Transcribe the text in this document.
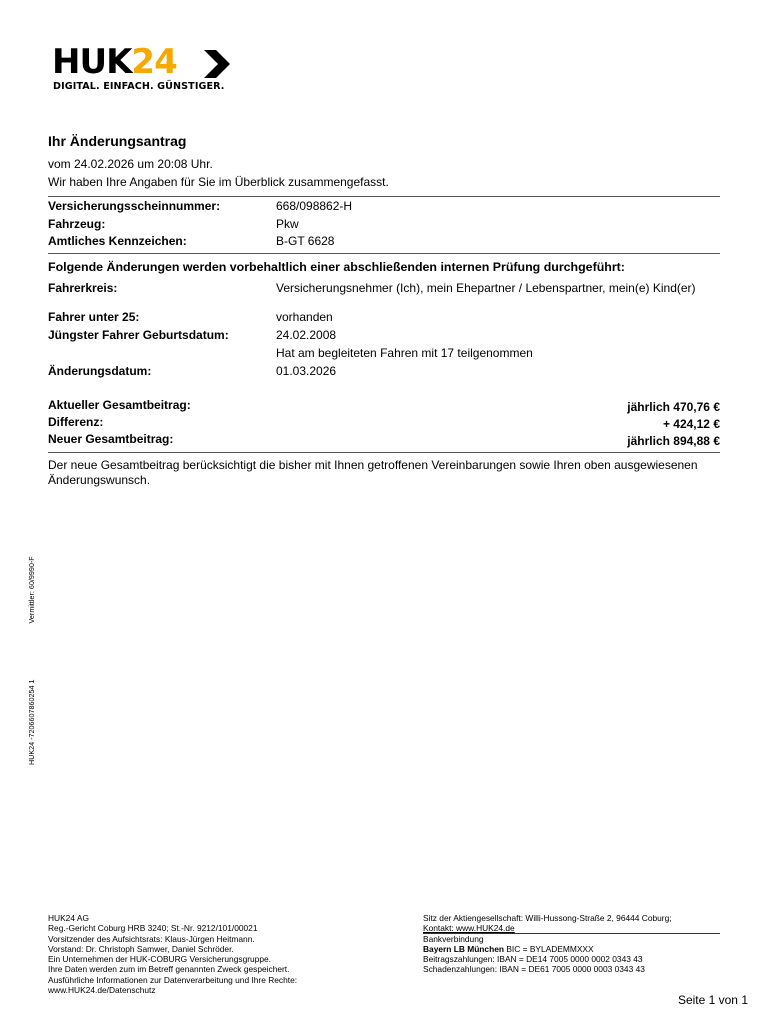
HUK24
DIGITAL. EINFACH. GÜNSTIGER.
Ihr Änderungsantrag
vom 24.02.2026 um 20:08 Uhr.
Wir haben Ihre Angaben für Sie im Überblick zusammengefasst.
Versicherungsscheinnummer:	668/098862-H
Fahrzeug:	Pkw
Amtliches Kennzeichen:	B-GT 6628
Folgende Änderungen werden vorbehaltlich einer abschließenden internen Prüfung durchgeführt:
Fahrerkreis:	Versicherungsnehmer (Ich), mein Ehepartner / Lebenspartner, mein(e) Kind(er)
Fahrer unter 25:	vorhanden
Jüngster Fahrer Geburtsdatum:	24.02.2008
Hat am begleiteten Fahren mit 17 teilgenommen
Änderungsdatum:	01.03.2026
Aktueller Gesamtbeitrag:	jährlich 470,76 €
Differenz:	+ 424,12 €
Neuer Gesamtbeitrag:	jährlich 894,88 €
Der neue Gesamtbeitrag berücksichtigt die bisher mit Ihnen getroffenen Vereinbarungen sowie Ihren oben ausgewiesenen Änderungswunsch.
HUK24 -7206607860254 1Vermittler: 60/9990-F
HUK24 AG
Reg.-Gericht Coburg HRB 3240; St.-Nr. 9212/101/00021
Vorsitzender des Aufsichtsrats: Klaus-Jürgen Heitmann.
Vorstand: Dr. Christoph Samwer, Daniel Schröder.
Ein Unternehmen der HUK-COBURG Versicherungsgruppe.
Ihre Daten werden zum im Betreff genannten Zweck gespeichert.
Ausführliche Informationen zur Datenverarbeitung und Ihre Rechte:
www.HUK24.de/Datenschutz
Sitz der Aktiengesellschaft: Willi-Hussong-Straße 2, 96444 Coburg;
Kontakt: www.HUK24.de
Bankverbindung
Bayern LB München BIC = BYLADEMMXXX
Beitragszahlungen: IBAN = DE14 7005 0000 0002 0343 43
Schadenzahlungen: IBAN = DE61 7005 0000 0003 0343 43
Seite 1 von 1
